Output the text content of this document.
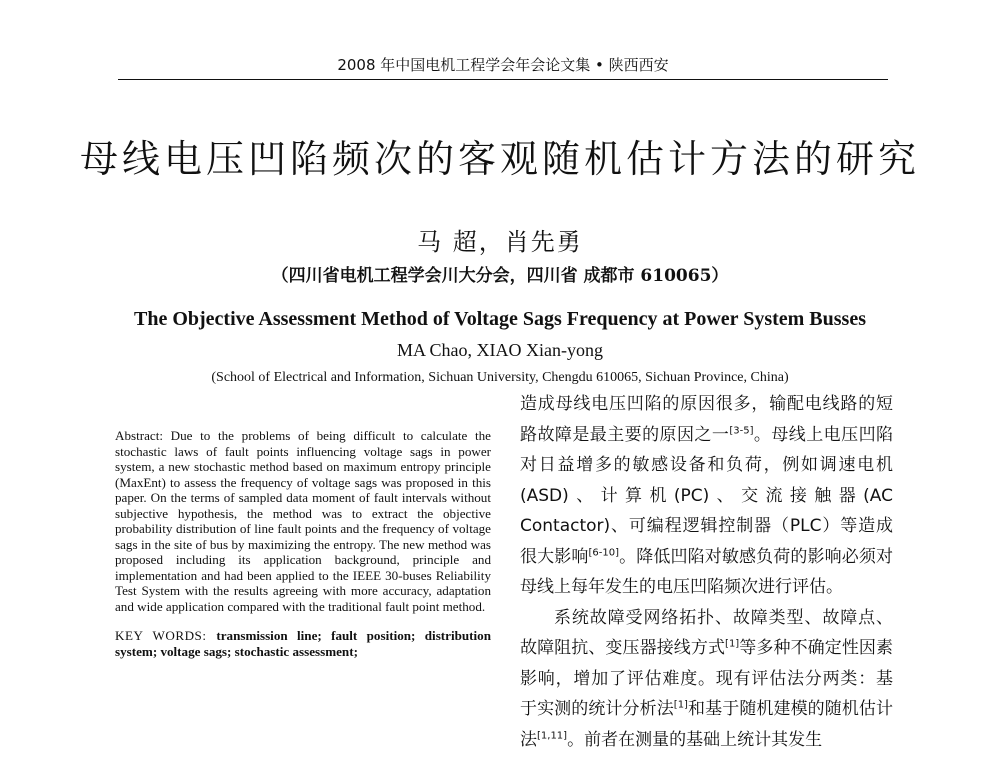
2008 年中国电机工程学会年会论文集 • 陕西西安
母线电压凹陷频次的客观随机估计方法的研究
马 超，肖先勇
（四川省电机工程学会川大分会，四川省 成都市 610065）
The Objective Assessment Method of Voltage Sags Frequency at Power System Busses
MA Chao, XIAO Xian-yong
(School of Electrical and Information, Sichuan University, Chengdu 610065, Sichuan Province, China)

Abstract: Due to the problems of being difficult to calculate the stochastic laws of fault points influencing voltage sags in power system, a new stochastic method based on maximum entropy principle (MaxEnt) to assess the frequency of voltage sags was proposed in this paper. On the terms of sampled data moment of fault intervals without subjective hypothesis, the method was to extract the objective probability distribution of line fault points and the frequency of voltage sags in the site of bus by maximizing the entropy. The new method was proposed including its application background, principle and implementation and had been applied to the IEEE 30-buses Reliability Test System with the results agreeing with more accuracy, adaptation and wide application compared with the traditional fault point method.

KEY WORDS: transmission line; fault position; distribution system; voltage sags; stochastic assessment;

造成母线电压凹陷的原因很多，输配电线路的短路故障是最主要的原因之一[3-5]。母线上电压凹陷对日益增多的敏感设备和负荷，例如调速电机(ASD)、计算机(PC)、交流接触器(AC Contactor)、可编程逻辑控制器（PLC）等造成很大影响[6-10]。降低凹陷对敏感负荷的影响必须对母线上每年发生的电压凹陷频次进行评估。

系统故障受网络拓扑、故障类型、故障点、故障阻抗、变压器接线方式[1]等多种不确定性因素影响，增加了评估难度。现有评估法分两类：基于实测的统计分析法[1]和基于随机建模的随机估计法[1,11]。前者在测量的基础上统计其发生
